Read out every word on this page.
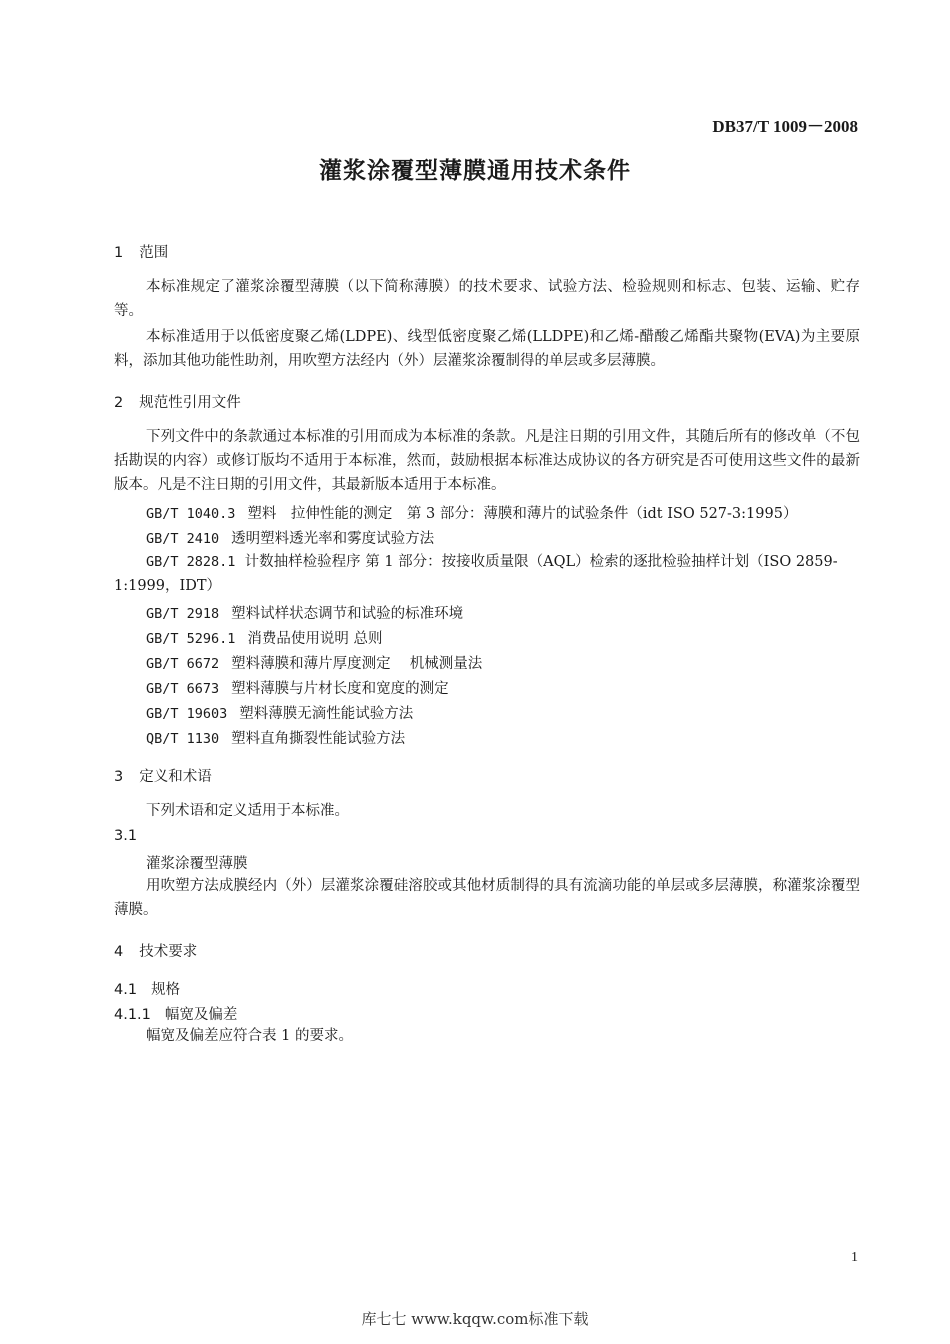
DB37/T 1009－2008
灌浆涂覆型薄膜通用技术条件
1 范围
本标准规定了灌浆涂覆型薄膜（以下简称薄膜）的技术要求、试验方法、检验规则和标志、包装、运输、贮存等。
本标准适用于以低密度聚乙烯(LDPE)、线型低密度聚乙烯(LLDPE)和乙烯-醋酸乙烯酯共聚物(EVA)为主要原料，添加其他功能性助剂，用吹塑方法经内（外）层灌浆涂覆制得的单层或多层薄膜。
2 规范性引用文件
下列文件中的条款通过本标准的引用而成为本标准的条款。凡是注日期的引用文件，其随后所有的修改单（不包括勘误的内容）或修订版均不适用于本标准，然而，鼓励根据本标准达成协议的各方研究是否可使用这些文件的最新版本。凡是不注日期的引用文件，其最新版本适用于本标准。
GB/T 1040.3 塑料　拉伸性能的测定　第 3 部分：薄膜和薄片的试验条件（idt ISO 527-3:1995）
GB/T 2410 透明塑料透光率和雾度试验方法
GB/T 2828.1 计数抽样检验程序 第 1 部分：按接收质量限（AQL）检索的逐批检验抽样计划（ISO 2859-1:1999，IDT）
GB/T 2918 塑料试样状态调节和试验的标准环境
GB/T 5296.1 消费品使用说明 总则
GB/T 6672 塑料薄膜和薄片厚度测定　 机械测量法
GB/T 6673 塑料薄膜与片材长度和宽度的测定
GB/T 19603 塑料薄膜无滴性能试验方法
QB/T 1130 塑料直角撕裂性能试验方法
3 定义和术语
下列术语和定义适用于本标准。
3.1
灌浆涂覆型薄膜
用吹塑方法成膜经内（外）层灌浆涂覆硅溶胶或其他材质制得的具有流滴功能的单层或多层薄膜，称灌浆涂覆型薄膜。
4 技术要求
4.1 规格
4.1.1 幅宽及偏差
幅宽及偏差应符合表 1 的要求。
1
库七七 www.kqqw.com标准下载
